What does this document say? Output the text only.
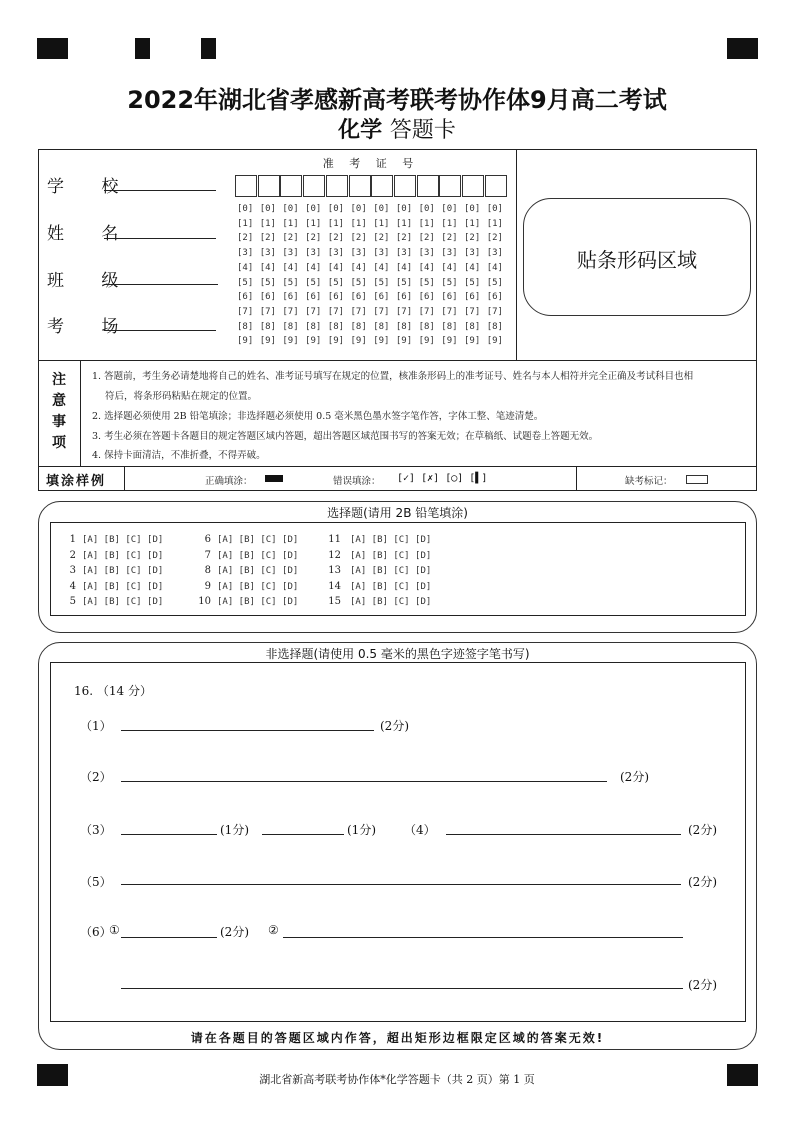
2022年湖北省孝感新高考联考协作体9月高二考试
化学 答题卡
学 校
姓 名
班 级
考 场
准 考 证 号
[0] [0] [0] [0] [0] [0] [0] [0] [0] [0] [0] [0]
[1] [1] [1] [1] [1] [1] [1] [1] [1] [1] [1] [1]
[2] [2] [2] [2] [2] [2] [2] [2] [2] [2] [2] [2]
[3] [3] [3] [3] [3] [3] [3] [3] [3] [3] [3] [3]
[4] [4] [4] [4] [4] [4] [4] [4] [4] [4] [4] [4]
[5] [5] [5] [5] [5] [5] [5] [5] [5] [5] [5] [5]
[6] [6] [6] [6] [6] [6] [6] [6] [6] [6] [6] [6]
[7] [7] [7] [7] [7] [7] [7] [7] [7] [7] [7] [7]
[8] [8] [8] [8] [8] [8] [8] [8] [8] [8] [8] [8]
[9] [9] [9] [9] [9] [9] [9] [9] [9] [9] [9] [9]
贴条形码区域
注
意
事
项
1. 答题前，考生务必请楚地将自己的姓名、准考证号填写在规定的位置，核准条形码上的准考证号、姓名与本人相符并完全正确及考试科目也相
符后，将条形码粘贴在规定的位置。
2. 选择题必须使用 2B 铅笔填涂；非选择题必须使用 0.5 毫米黑色墨水签字笔作答，字体工整、笔迹清楚。
3. 考生必须在答题卡各题目的规定答题区域内答题，超出答题区域范围书写的答案无效；在草稿纸、试题卷上答题无效。
4. 保持卡面清洁，不准折叠，不得弄破。
填涂样例	正确填涂：	错误填涂： [✓] [✗] [◯] [▌]	缺考标记：
选择题(请用 2B 铅笔填涂)
1 [A] [B] [C] [D]
2 [A] [B] [C] [D]
3 [A] [B] [C] [D]
4 [A] [B] [C] [D]
5 [A] [B] [C] [D]
6 [A] [B] [C] [D]
7 [A] [B] [C] [D]
8 [A] [B] [C] [D]
9 [A] [B] [C] [D]
10 [A] [B] [C] [D]
11 [A] [B] [C] [D]
12 [A] [B] [C] [D]
13 [A] [B] [C] [D]
14 [A] [B] [C] [D]
15 [A] [B] [C] [D]
非选择题(请使用 0.5 毫米的黑色字迹签字笔书写)
16. （14 分）
（1）	(2分)
（2）	(2分)
（3）	(1分)	(1分) （4）	(2分)
（5）	(2分)
（6）
①	(2分) ②
(2分)
请在各题目的答题区域内作答，超出矩形边框限定区域的答案无效!
湖北省新高考联考协作体*化学答题卡（共 2 页）第 1 页
